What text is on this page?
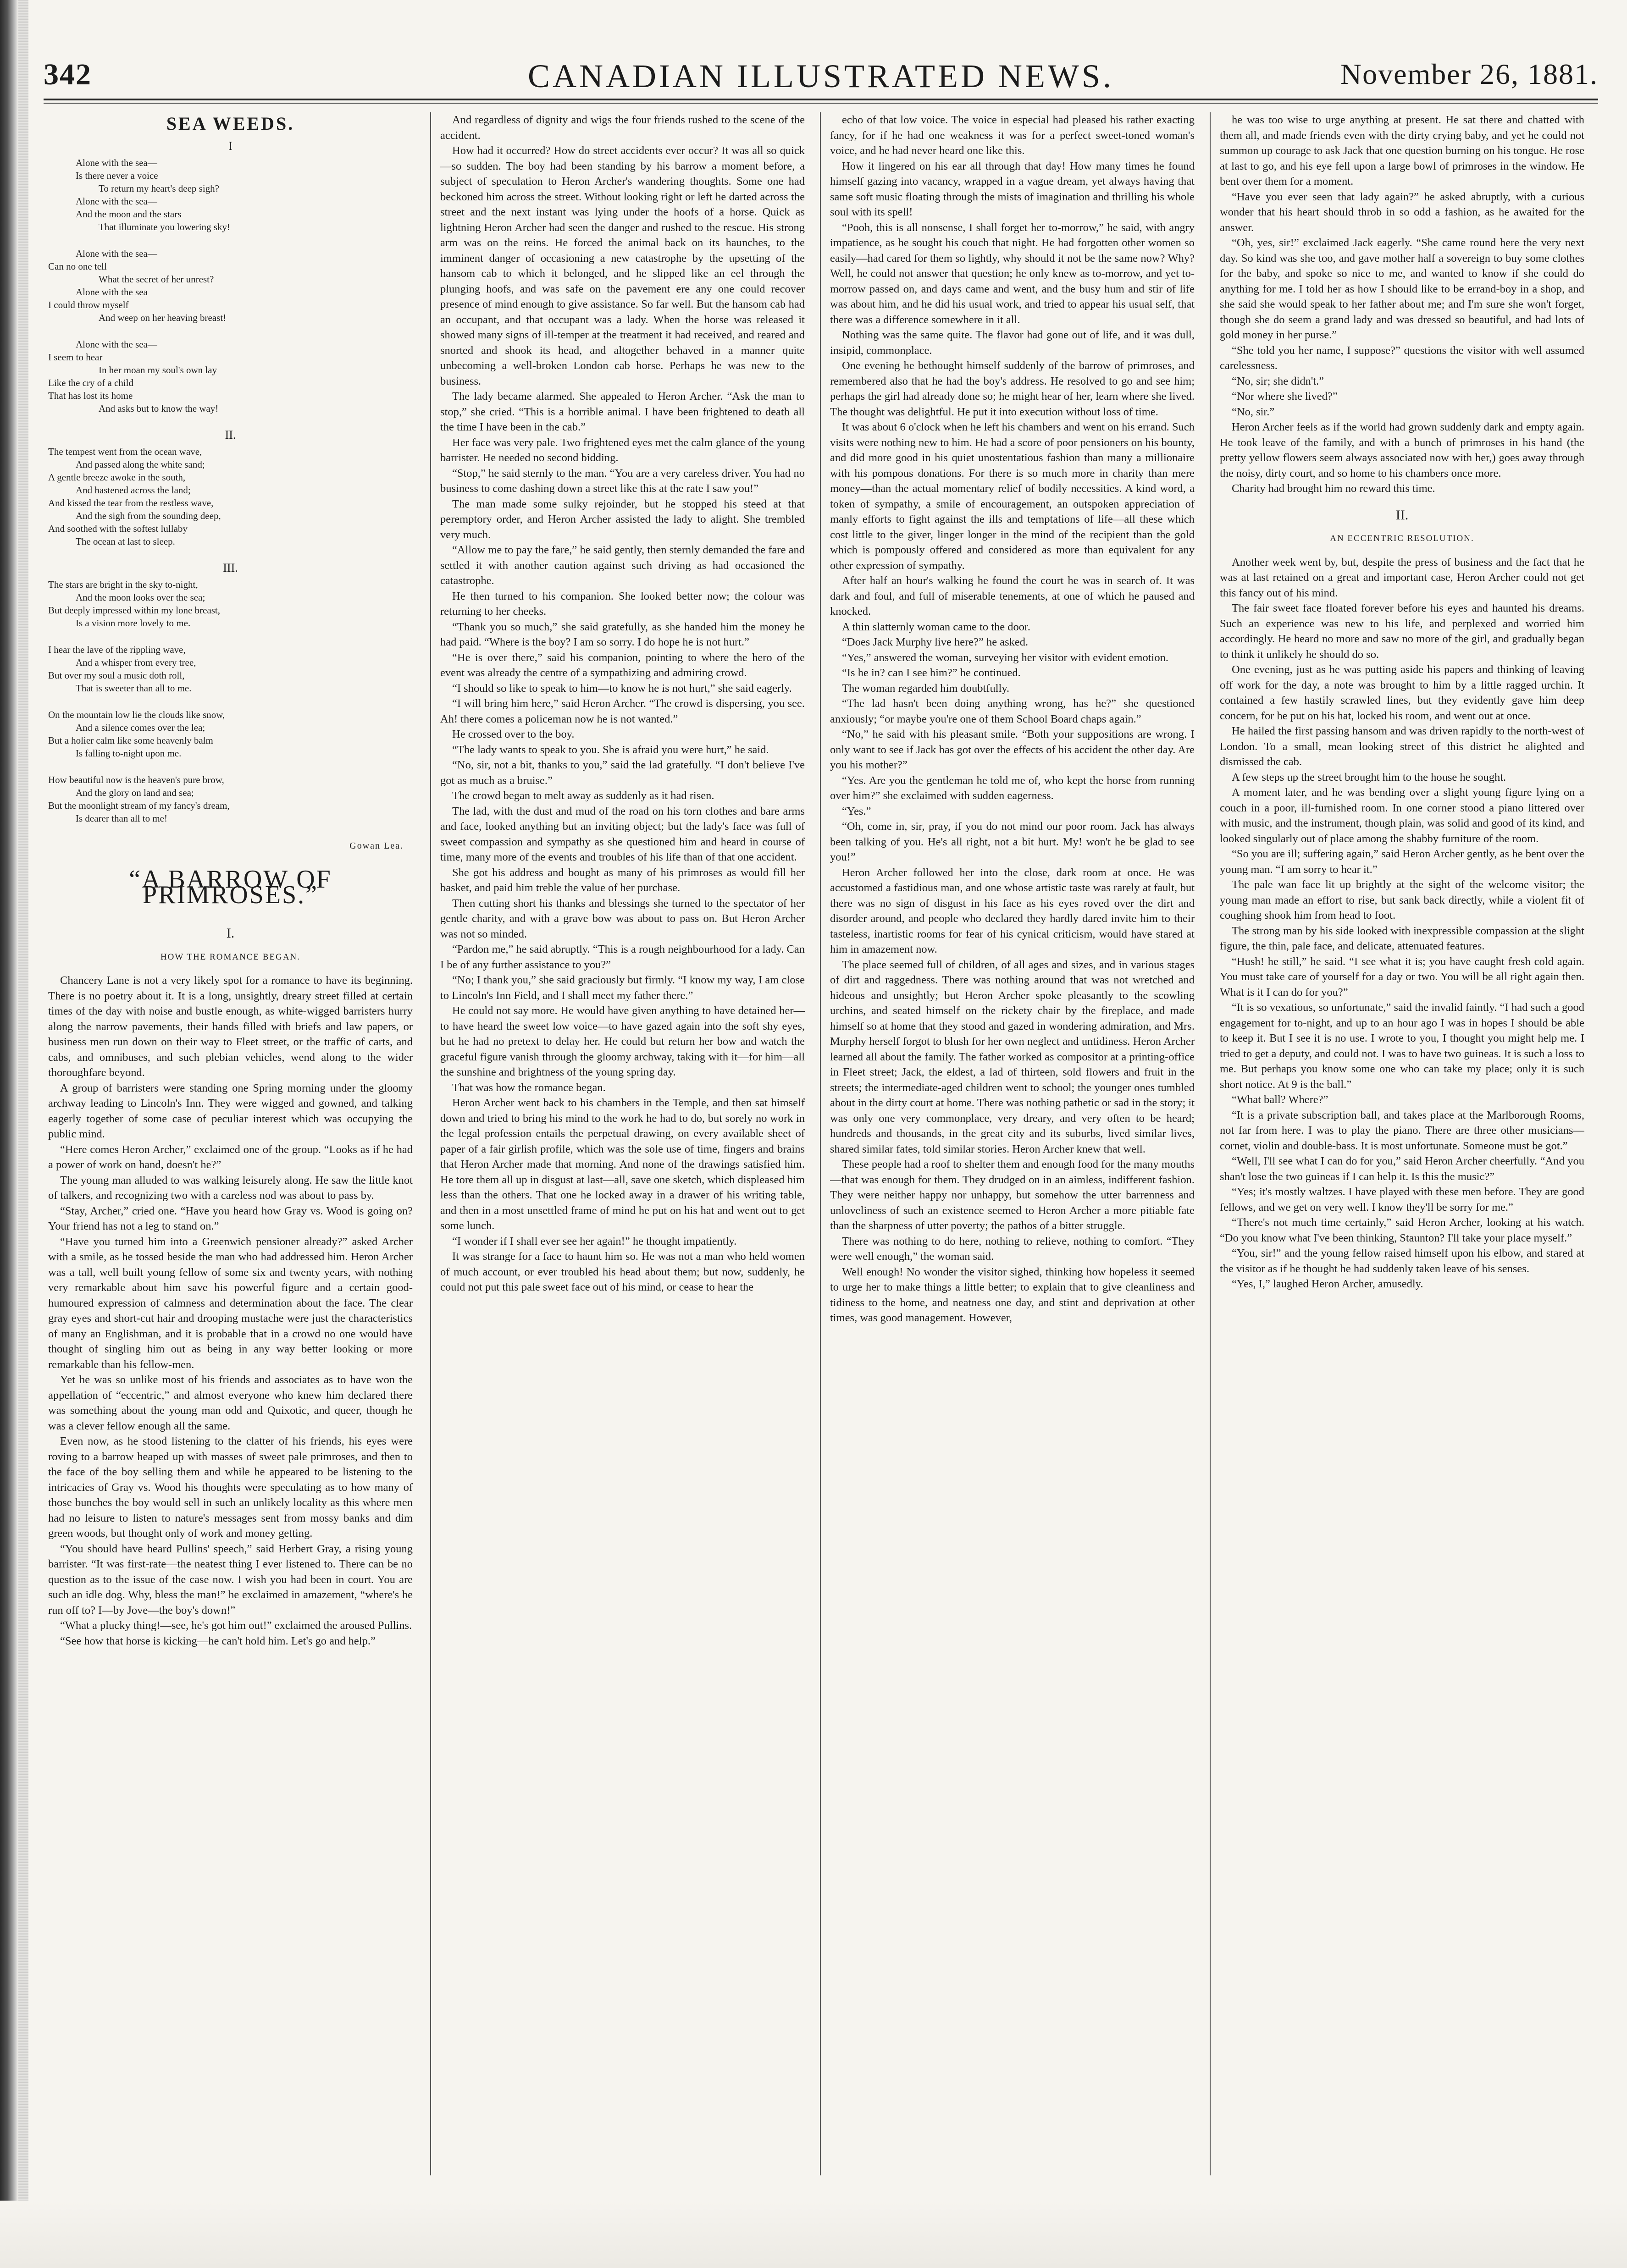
CANADIAN ILLUSTRATED NEWS.
342	November 26, 1881.
SEA WEEDS.
I
Alone with the sea—
Is there never a voice
To return my heart's deep sigh?
Alone with the sea—
And the moon and the stars
That illuminate you lowering sky!
Alone with the sea—
Can no one tell
What the secret of her unrest?
Alone with the sea
I could throw myself
And weep on her heaving breast!
Alone with the sea—
I seem to hear
In her moan my soul's own lay
Like the cry of a child
That has lost its home
And asks but to know the way!
II.
The tempest went from the ocean wave,
And passed along the white sand;
A gentle breeze awoke in the south,
And hastened across the land;
And kissed the tear from the restless wave,
And the sigh from the sounding deep,
And soothed with the softest lullaby
The ocean at last to sleep.
III.
The stars are bright in the sky to-night,
And the moon looks over the sea;
But deeply impressed within my lone breast,
Is a vision more lovely to me.
I hear the lave of the rippling wave,
And a whisper from every tree,
But over my soul a music doth roll,
That is sweeter than all to me.
On the mountain low lie the clouds like snow,
And a silence comes over the lea;
But a holier calm like some heavenly balm
Is falling to-night upon me.
How beautiful now is the heaven's pure brow,
And the glory on land and sea;
But the moonlight stream of my fancy's dream,
Is dearer than all to me!
Gowan Lea.
“A BARROW OF PRIMROSES.”
I.
HOW THE ROMANCE BEGAN.

Chancery Lane is not a very likely spot for a romance to have its beginning. There is no poetry about it. It is a long, unsightly, dreary street filled at certain times of the day with noise and bustle enough, as white-wigged barristers hurry along the narrow pavements, their hands filled with briefs and law papers, or business men run down on their way to Fleet street, or the traffic of carts, and cabs, and omnibuses, and such plebian vehicles, wend along to the wider thoroughfare beyond.

A group of barristers were standing one Spring morning under the gloomy archway leading to Lincoln's Inn. They were wigged and gowned, and talking eagerly together of some case of peculiar interest which was occupying the public mind.

“Here comes Heron Archer,” exclaimed one of the group. “Looks as if he had a power of work on hand, doesn't he?”

The young man alluded to was walking leisurely along. He saw the little knot of talkers, and recognizing two with a careless nod was about to pass by.

“Stay, Archer,” cried one. “Have you heard how Gray vs. Wood is going on? Your friend has not a leg to stand on.”

“Have you turned him into a Greenwich pensioner already?” asked Archer with a smile, as he tossed beside the man who had addressed him. Heron Archer was a tall, well built young fellow of some six and twenty years, with nothing very remarkable about him save his powerful figure and a certain good-humoured expression of calmness and determination about the face. The clear gray eyes and short-cut hair and drooping mustache were just the characteristics of many an Englishman, and it is probable that in a crowd no one would have thought of singling him out as being in any way better looking or more remarkable than his fellow-men.

Yet he was so unlike most of his friends and associates as to have won the appellation of “eccentric,” and almost everyone who knew him declared there was something about the young man odd and Quixotic, and queer, though he was a clever fellow enough all the same.

Even now, as he stood listening to the clatter of his friends, his eyes were roving to a barrow heaped up with masses of sweet pale primroses, and then to the face of the boy selling them and while he appeared to be listening to the intricacies of Gray vs. Wood his thoughts were speculating as to how many of those bunches the boy would sell in such an unlikely locality as this where men had no leisure to listen to nature's messages sent from mossy banks and dim green woods, but thought only of work and money getting.

“You should have heard Pullins' speech,” said Herbert Gray, a rising young barrister. “It was first-rate—the neatest thing I ever listened to. There can be no question as to the issue of the case now. I wish you had been in court. You are such an idle dog. Why, bless the man!” he exclaimed in amazement, “where's he run off to? I—by Jove—the boy's down!”

“What a plucky thing!—see, he's got him out!” exclaimed the aroused Pullins.

“See how that horse is kicking—he can't hold him. Let's go and help.”

And regardless of dignity and wigs the four friends rushed to the scene of the accident.

How had it occurred? How do street accidents ever occur? It was all so quick—so sudden. The boy had been standing by his barrow a moment before, a subject of speculation to Heron Archer's wandering thoughts. Some one had beckoned him across the street. Without looking right or left he darted across the street and the next instant was lying under the hoofs of a horse. Quick as lightning Heron Archer had seen the danger and rushed to the rescue. His strong arm was on the reins. He forced the animal back on its haunches, to the imminent danger of occasioning a new catastrophe by the upsetting of the hansom cab to which it belonged, and he slipped like an eel through the plunging hoofs, and was safe on the pavement ere any one could recover presence of mind enough to give assistance. So far well. But the hansom cab had an occupant, and that occupant was a lady. When the horse was released it showed many signs of ill-temper at the treatment it had received, and reared and snorted and shook its head, and altogether behaved in a manner quite unbecoming a well-broken London cab horse. Perhaps he was new to the business.

The lady became alarmed. She appealed to Heron Archer. “Ask the man to stop,” she cried. “This is a horrible animal. I have been frightened to death all the time I have been in the cab.”

Her face was very pale. Two frightened eyes met the calm glance of the young barrister. He needed no second bidding.

“Stop,” he said sternly to the man. “You are a very careless driver. You had no business to come dashing down a street like this at the rate I saw you!”

The man made some sulky rejoinder, but he stopped his steed at that peremptory order, and Heron Archer assisted the lady to alight. She trembled very much.

“Allow me to pay the fare,” he said gently, then sternly demanded the fare and settled it with another caution against such driving as had occasioned the catastrophe.

He then turned to his companion. She looked better now; the colour was returning to her cheeks.

“Thank you so much,” she said gratefully, as she handed him the money he had paid. “Where is the boy? I am so sorry. I do hope he is not hurt.”

“He is over there,” said his companion, pointing to where the hero of the event was already the centre of a sympathizing and admiring crowd.

“I should so like to speak to him—to know he is not hurt,” she said eagerly.

“I will bring him here,” said Heron Archer. “The crowd is dispersing, you see. Ah! there comes a policeman now he is not wanted.”

He crossed over to the boy.

“The lady wants to speak to you. She is afraid you were hurt,” he said.

“No, sir, not a bit, thanks to you,” said the lad gratefully. “I don't believe I've got as much as a bruise.”

The crowd began to melt away as suddenly as it had risen.

The lad, with the dust and mud of the road on his torn clothes and bare arms and face, looked anything but an inviting object; but the lady's face was full of sweet compassion and sympathy as she questioned him and heard in course of time, many more of the events and troubles of his life than of that one accident.

She got his address and bought as many of his primroses as would fill her basket, and paid him treble the value of her purchase.

Then cutting short his thanks and blessings she turned to the spectator of her gentle charity, and with a grave bow was about to pass on. But Heron Archer was not so minded.

“Pardon me,” he said abruptly. “This is a rough neighbourhood for a lady. Can I be of any further assistance to you?”

“No; I thank you,” she said graciously but firmly. “I know my way, I am close to Lincoln's Inn Field, and I shall meet my father there.”

He could not say more. He would have given anything to have detained her—to have heard the sweet low voice—to have gazed again into the soft shy eyes, but he had no pretext to delay her. He could but return her bow and watch the graceful figure vanish through the gloomy archway, taking with it—for him—all the sunshine and brightness of the young spring day.

That was how the romance began.

Heron Archer went back to his chambers in the Temple, and then sat himself down and tried to bring his mind to the work he had to do, but sorely no work in the legal profession entails the perpetual drawing, on every available sheet of paper of a fair girlish profile, which was the sole use of time, fingers and brains that Heron Archer made that morning. And none of the drawings satisfied him. He tore them all up in disgust at last—all, save one sketch, which displeased him less than the others. That one he locked away in a drawer of his writing table, and then in a most unsettled frame of mind he put on his hat and went out to get some lunch.

“I wonder if I shall ever see her again!” he thought impatiently.

It was strange for a face to haunt him so. He was not a man who held women of much account, or ever troubled his head about them; but now, suddenly, he could not put this pale sweet face out of his mind, or cease to hear the

echo of that low voice. The voice in especial had pleased his rather exacting fancy, for if he had one weakness it was for a perfect sweet-toned woman's voice, and he had never heard one like this.

How it lingered on his ear all through that day! How many times he found himself gazing into vacancy, wrapped in a vague dream, yet always having that same soft music floating through the mists of imagination and thrilling his whole soul with its spell!

“Pooh, this is all nonsense, I shall forget her to-morrow,” he said, with angry impatience, as he sought his couch that night. He had forgotten other women so easily—had cared for them so lightly, why should it not be the same now? Why? Well, he could not answer that question; he only knew as to-morrow, and yet to-morrow passed on, and days came and went, and the busy hum and stir of life was about him, and he did his usual work, and tried to appear his usual self, that there was a difference somewhere in it all.

Nothing was the same quite. The flavor had gone out of life, and it was dull, insipid, commonplace.

One evening he bethought himself suddenly of the barrow of primroses, and remembered also that he had the boy's address. He resolved to go and see him; perhaps the girl had already done so; he might hear of her, learn where she lived. The thought was delightful. He put it into execution without loss of time.

It was about 6 o'clock when he left his chambers and went on his errand. Such visits were nothing new to him. He had a score of poor pensioners on his bounty, and did more good in his quiet unostentatious fashion than many a millionaire with his pompous donations. For there is so much more in charity than mere money—than the actual momentary relief of bodily necessities. A kind word, a token of sympathy, a smile of encouragement, an outspoken appreciation of manly efforts to fight against the ills and temptations of life—all these which cost little to the giver, linger longer in the mind of the recipient than the gold which is pompously offered and considered as more than equivalent for any other expression of sympathy.

After half an hour's walking he found the court he was in search of. It was dark and foul, and full of miserable tenements, at one of which he paused and knocked.

A thin slatternly woman came to the door.

“Does Jack Murphy live here?” he asked.

“Yes,” answered the woman, surveying her visitor with evident emotion.

“Is he in? can I see him?” he continued.

The woman regarded him doubtfully.

“The lad hasn't been doing anything wrong, has he?” she questioned anxiously; “or maybe you're one of them School Board chaps again.”

“No,” he said with his pleasant smile. “Both your suppositions are wrong. I only want to see if Jack has got over the effects of his accident the other day. Are you his mother?”

“Yes. Are you the gentleman he told me of, who kept the horse from running over him?” she exclaimed with sudden eagerness.

“Yes.”

“Oh, come in, sir, pray, if you do not mind our poor room. Jack has always been talking of you. He's all right, not a bit hurt. My! won't he be glad to see you!”

Heron Archer followed her into the close, dark room at once. He was accustomed a fastidious man, and one whose artistic taste was rarely at fault, but there was no sign of disgust in his face as his eyes roved over the dirt and disorder around, and people who declared they hardly dared invite him to their tasteless, inartistic rooms for fear of his cynical criticism, would have stared at him in amazement now.

The place seemed full of children, of all ages and sizes, and in various stages of dirt and raggedness. There was nothing around that was not wretched and hideous and unsightly; but Heron Archer spoke pleasantly to the scowling urchins, and seated himself on the rickety chair by the fireplace, and made himself so at home that they stood and gazed in wondering admiration, and Mrs. Murphy herself forgot to blush for her own neglect and untidiness. Heron Archer learned all about the family. The father worked as compositor at a printing-office in Fleet street; Jack, the eldest, a lad of thirteen, sold flowers and fruit in the streets; the intermediate-aged children went to school; the younger ones tumbled about in the dirty court at home. There was nothing pathetic or sad in the story; it was only one very commonplace, very dreary, and very often to be heard; hundreds and thousands, in the great city and its suburbs, lived similar lives, shared similar fates, told similar stories. Heron Archer knew that well.

These people had a roof to shelter them and enough food for the many mouths—that was enough for them. They drudged on in an aimless, indifferent fashion. They were neither happy nor unhappy, but somehow the utter barrenness and unloveliness of such an existence seemed to Heron Archer a more pitiable fate than the sharpness of utter poverty; the pathos of a bitter struggle.

There was nothing to do here, nothing to relieve, nothing to comfort. “They were well enough,” the woman said.

Well enough! No wonder the visitor sighed, thinking how hopeless it seemed to urge her to make things a little better; to explain that to give cleanliness and tidiness to the home, and neatness one day, and stint and deprivation at other times, was good management. However,

he was too wise to urge anything at present. He sat there and chatted with them all, and made friends even with the dirty crying baby, and yet he could not summon up courage to ask Jack that one question burning on his tongue. He rose at last to go, and his eye fell upon a large bowl of primroses in the window. He bent over them for a moment.

“Have you ever seen that lady again?” he asked abruptly, with a curious wonder that his heart should throb in so odd a fashion, as he awaited for the answer.

“Oh, yes, sir!” exclaimed Jack eagerly. “She came round here the very next day. So kind was she too, and gave mother half a sovereign to buy some clothes for the baby, and spoke so nice to me, and wanted to know if she could do anything for me. I told her as how I should like to be errand-boy in a shop, and she said she would speak to her father about me; and I'm sure she won't forget, though she do seem a grand lady and was dressed so beautiful, and had lots of gold money in her purse.”

“She told you her name, I suppose?” questions the visitor with well assumed carelessness.

“No, sir; she didn't.”

“Nor where she lived?”

“No, sir.”

Heron Archer feels as if the world had grown suddenly dark and empty again. He took leave of the family, and with a bunch of primroses in his hand (the pretty yellow flowers seem always associated now with her,) goes away through the noisy, dirty court, and so home to his chambers once more.

Charity had brought him no reward this time.

II.
AN ECCENTRIC RESOLUTION.

Another week went by, but, despite the press of business and the fact that he was at last retained on a great and important case, Heron Archer could not get this fancy out of his mind.

The fair sweet face floated forever before his eyes and haunted his dreams. Such an experience was new to his life, and perplexed and worried him accordingly. He heard no more and saw no more of the girl, and gradually began to think it unlikely he should do so.

One evening, just as he was putting aside his papers and thinking of leaving off work for the day, a note was brought to him by a little ragged urchin. It contained a few hastily scrawled lines, but they evidently gave him deep concern, for he put on his hat, locked his room, and went out at once.

He hailed the first passing hansom and was driven rapidly to the north-west of London. To a small, mean looking street of this district he alighted and dismissed the cab.

A few steps up the street brought him to the house he sought.

A moment later, and he was bending over a slight young figure lying on a couch in a poor, ill-furnished room. In one corner stood a piano littered over with music, and the instrument, though plain, was solid and good of its kind, and looked singularly out of place among the shabby furniture of the room.

“So you are ill; suffering again,” said Heron Archer gently, as he bent over the young man. “I am sorry to hear it.”

The pale wan face lit up brightly at the sight of the welcome visitor; the young man made an effort to rise, but sank back directly, while a violent fit of coughing shook him from head to foot.

The strong man by his side looked with inexpressible compassion at the slight figure, the thin, pale face, and delicate, attenuated features.

“Hush! he still,” he said. “I see what it is; you have caught fresh cold again. You must take care of yourself for a day or two. You will be all right again then. What is it I can do for you?”

“It is so vexatious, so unfortunate,” said the invalid faintly. “I had such a good engagement for to-night, and up to an hour ago I was in hopes I should be able to keep it. But I see it is no use. I wrote to you, I thought you might help me. I tried to get a deputy, and could not. I was to have two guineas. It is such a loss to me. But perhaps you know some one who can take my place; only it is such short notice. At 9 is the ball.”

“What ball? Where?”

“It is a private subscription ball, and takes place at the Marlborough Rooms, not far from here. I was to play the piano. There are three other musicians—cornet, violin and double-bass. It is most unfortunate. Someone must be got.”

“Well, I'll see what I can do for you,” said Heron Archer cheerfully. “And you shan't lose the two guineas if I can help it. Is this the music?”

“Yes; it's mostly waltzes. I have played with these men before. They are good fellows, and we get on very well. I know they'll be sorry for me.”

“There's not much time certainly,” said Heron Archer, looking at his watch. “Do you know what I've been thinking, Staunton? I'll take your place myself.”

“You, sir!” and the young fellow raised himself upon his elbow, and stared at the visitor as if he thought he had suddenly taken leave of his senses.

“Yes, I,” laughed Heron Archer, amusedly.
